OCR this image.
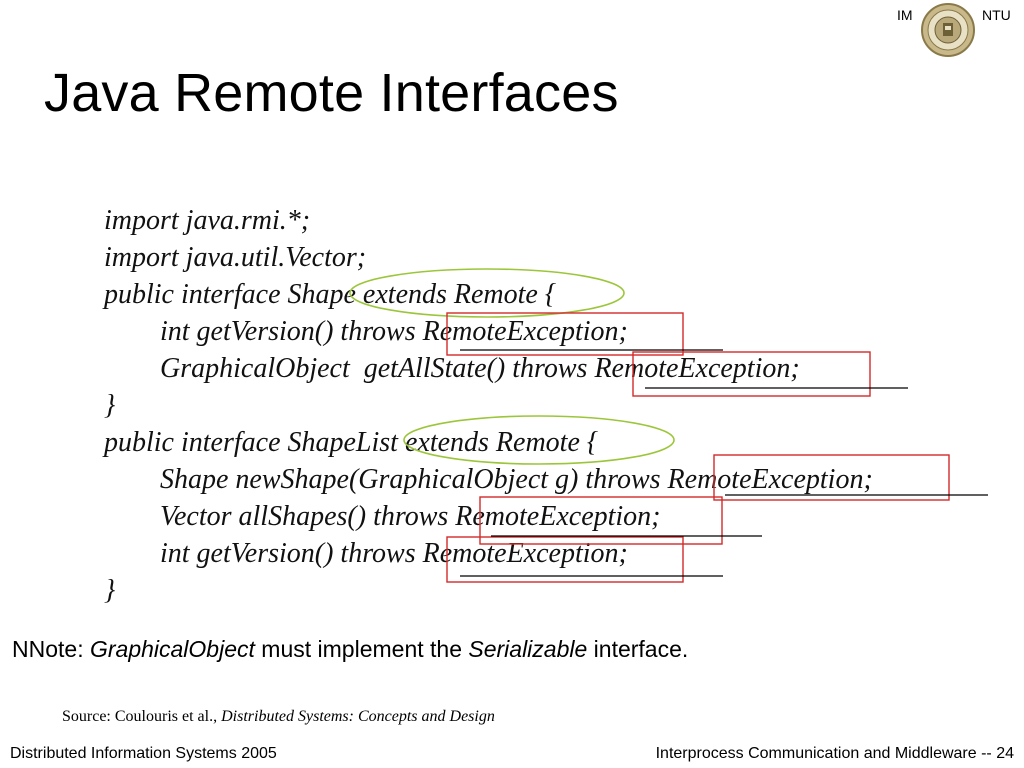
IM	NTU
Java Remote Interfaces
import java.rmi.*;
import java.util.Vector;
public interface Shape extends Remote {
int getVersion() throws RemoteException;
GraphicalObject  getAllState() throws RemoteException;
}
public interface ShapeList extends Remote {
Shape newShape(GraphicalObject g) throws RemoteException;
Vector allShapes() throws RemoteException;
int getVersion() throws RemoteException;
}

NNote: GraphicalObject must implement the Serializable interface.

Source: Coulouris et al., Distributed Systems: Concepts and Design

Distributed Information Systems 2005	Interprocess Communication and Middleware -- 24
